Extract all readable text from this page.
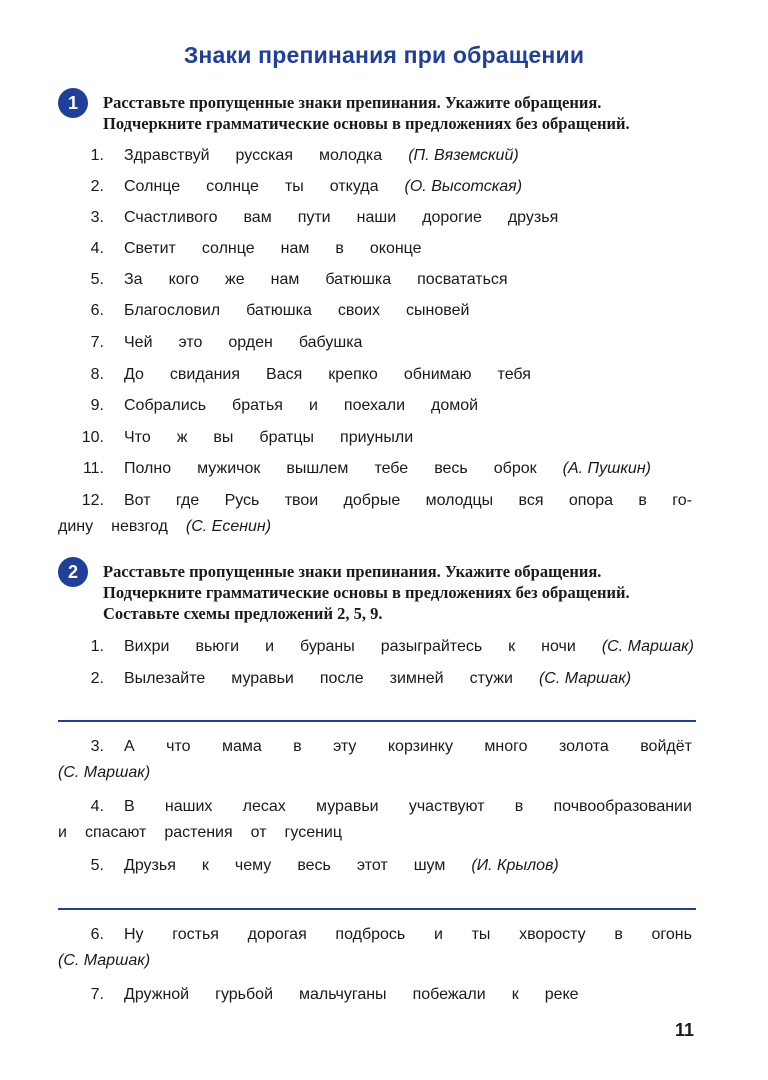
Знаки препинания при обращении
1	Расставьте пропущенные знаки препинания. Укажите обращения.
Подчеркните грамматические основы в предложениях без обращений.
1. Здравствуй русская молодка (П. Вяземский)
2. Солнце солнце ты откуда (О. Высотская)
3. Счастливого вам пути наши дорогие друзья
4. Светит солнце нам в оконце
5. За кого же нам батюшка посвататься
6. Благословил батюшка своих сыновей
7. Чей это орден бабушка
8. До свидания Вася крепко обнимаю тебя
9. Собрались братья и поехали домой
10. Что ж вы братцы приуныли
11. Полно мужичок вышлем тебе весь оброк (А. Пушкин)
12. Вот где Русь твои добрые молодцы вся опора в го-
дину невзгод (С. Есенин)
2	Расставьте пропущенные знаки препинания. Укажите обращения.
Подчеркните грамматические основы в предложениях без обращений.
Составьте схемы предложений 2, 5, 9.
1. Вихри вьюги и бураны разыграйтесь к ночи (С. Маршак)
2. Вылезайте муравьи после зимней стужи (С. Маршак)
3. А что мама в эту корзинку много золота войдёт
(С. Маршак)
4. В наших лесах муравьи участвуют в почвообразовании
и спасают растения от гусениц
5. Друзья к чему весь этот шум (И. Крылов)
6. Ну гостья дорогая подбрось и ты хворосту в огонь
(С. Маршак)
7. Дружной гурьбой мальчуганы побежали к реке
11
